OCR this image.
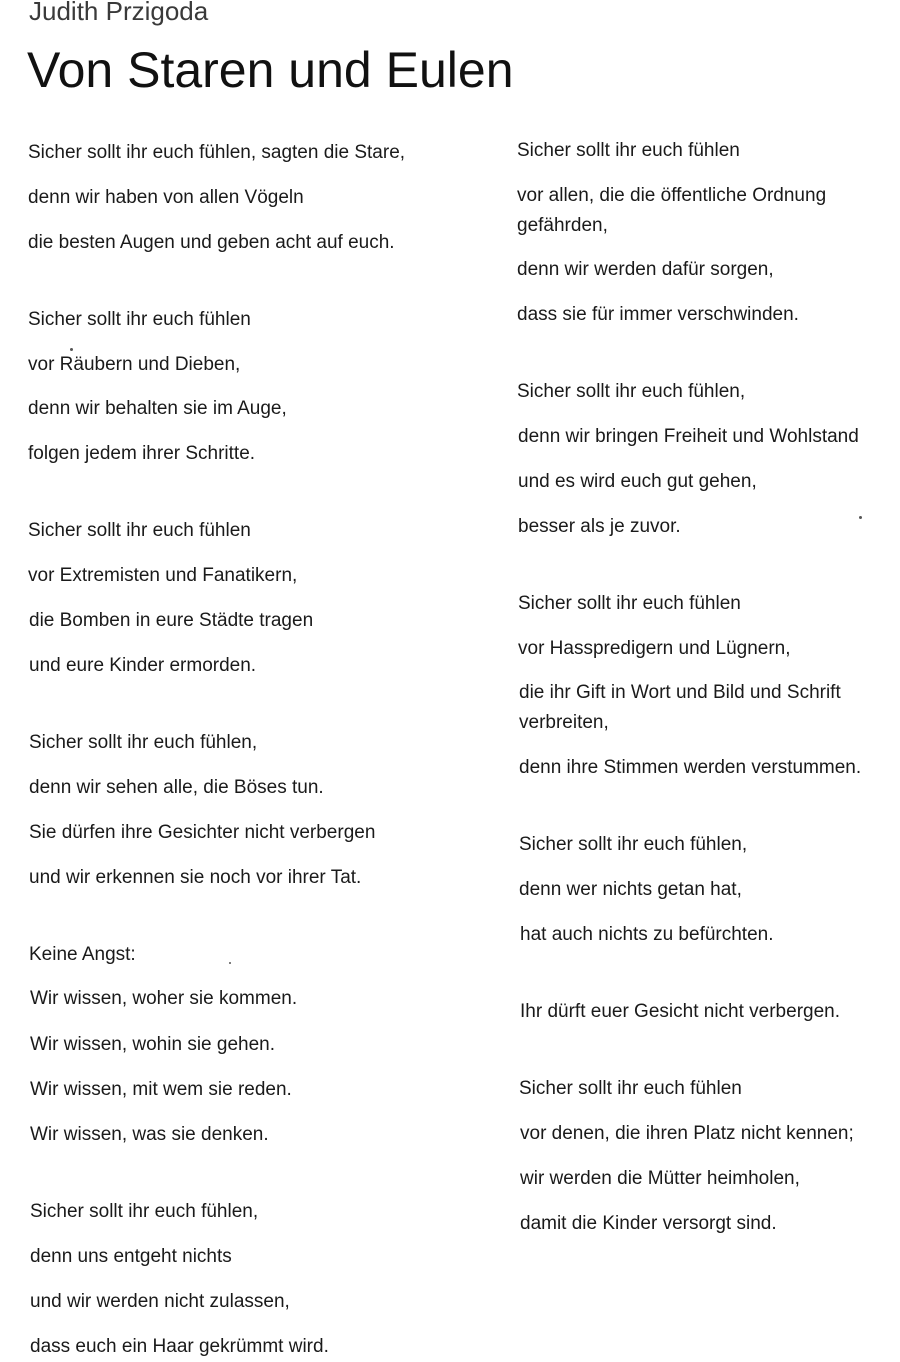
Judith Przigoda
Von Staren und Eulen
Sicher sollt ihr euch fühlen, sagten die Stare,
denn wir haben von allen Vögeln
die besten Augen und geben acht auf euch.
Sicher sollt ihr euch fühlen
vor Räubern und Dieben,
denn wir behalten sie im Auge,
folgen jedem ihrer Schritte.
Sicher sollt ihr euch fühlen
vor Extremisten und Fanatikern,
die Bomben in eure Städte tragen
und eure Kinder ermorden.
Sicher sollt ihr euch fühlen,
denn wir sehen alle, die Böses tun.
Sie dürfen ihre Gesichter nicht verbergen
und wir erkennen sie noch vor ihrer Tat.
Keine Angst:
Wir wissen, woher sie kommen.
Wir wissen, wohin sie gehen.
Wir wissen, mit wem sie reden.
Wir wissen, was sie denken.
Sicher sollt ihr euch fühlen,
denn uns entgeht nichts
und wir werden nicht zulassen,
dass euch ein Haar gekrümmt wird.
Sicher sollt ihr euch fühlen
vor allen, die die öffentliche Ordnung
gefährden,
denn wir werden dafür sorgen,
dass sie für immer verschwinden.
Sicher sollt ihr euch fühlen,
denn wir bringen Freiheit und Wohlstand
und es wird euch gut gehen,
besser als je zuvor.
Sicher sollt ihr euch fühlen
vor Hasspredigern und Lügnern,
die ihr Gift in Wort und Bild und Schrift
verbreiten,
denn ihre Stimmen werden verstummen.
Sicher sollt ihr euch fühlen,
denn wer nichts getan hat,
hat auch nichts zu befürchten.
Ihr dürft euer Gesicht nicht verbergen.
Sicher sollt ihr euch fühlen
vor denen, die ihren Platz nicht kennen;
wir werden die Mütter heimholen,
damit die Kinder versorgt sind.
